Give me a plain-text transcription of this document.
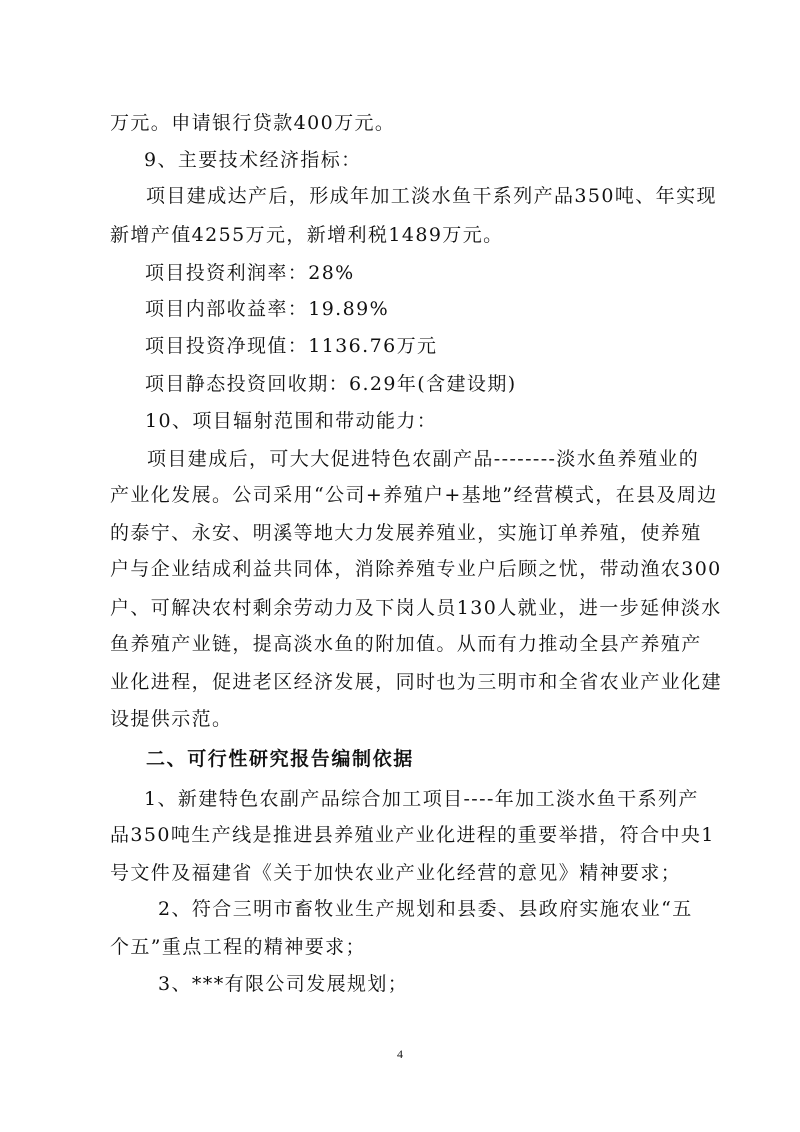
万元。申请银行贷款400万元。
9、主要技术经济指标：
项目建成达产后，形成年加工淡水鱼干系列产品350吨、年实现
新增产值4255万元，新增利税1489万元。
项目投资利润率：28%
项目内部收益率：19.89%
项目投资净现值：1136.76万元
项目静态投资回收期：6.29年(含建设期)
10、项目辐射范围和带动能力：
项目建成后，可大大促进特色农副产品--------淡水鱼养殖业的
产业化发展。公司采用“公司+养殖户+基地”经营模式，在县及周边
的泰宁、永安、明溪等地大力发展养殖业，实施订单养殖，使养殖
户与企业结成利益共同体，消除养殖专业户后顾之忧，带动渔农300
户、可解决农村剩余劳动力及下岗人员130人就业，进一步延伸淡水
鱼养殖产业链，提高淡水鱼的附加值。从而有力推动全县产养殖产
业化进程，促进老区经济发展，同时也为三明市和全省农业产业化建
设提供示范。
二、可行性研究报告编制依据
1、新建特色农副产品综合加工项目----年加工淡水鱼干系列产
品350吨生产线是推进县养殖业产业化进程的重要举措，符合中央1
号文件及福建省《关于加快农业产业化经营的意见》精神要求；
2、符合三明市畜牧业生产规划和县委、县政府实施农业“五
个五”重点工程的精神要求；
3、***有限公司发展规划；
4
